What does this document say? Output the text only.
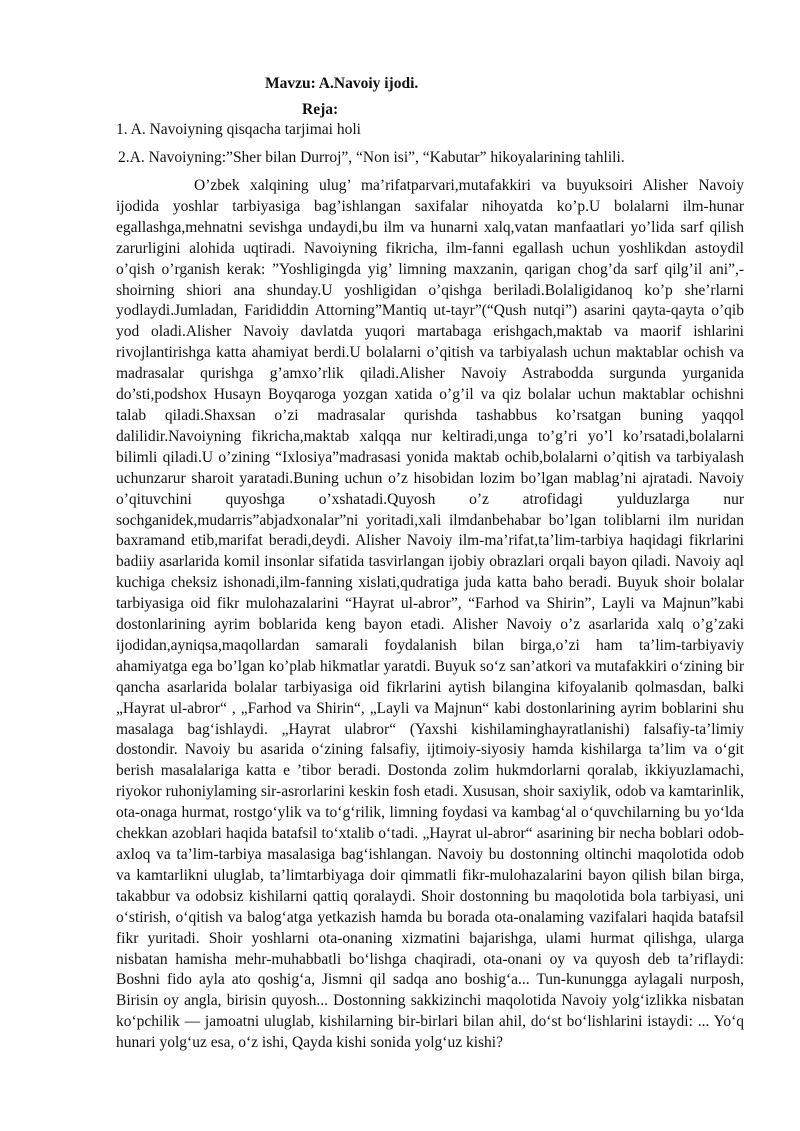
Mavzu: A.Navoiy ijodi.
Reja:
1. A. Navoiyning qisqacha tarjimai holi
2.A. Navoiyning:”Sher bilan Durroj”, “Non isi”, “Kabutar” hikoyalarining tahlili.

O’zbek xalqining ulug’ ma’rifatparvari,mutafakkiri va buyuksoiri Alisher Navoiy ijodida yoshlar tarbiyasiga bag’ishlangan saxifalar nihoyatda ko’p.U bolalarni ilm-hunar egallashga,mehnatni sevishga undaydi,bu ilm va hunarni xalq,vatan manfaatlari yo’lida sarf qilish zarurligini alohida uqtiradi. Navoiyning fikricha, ilm-fanni egallash uchun yoshlikdan astoydil o’qish o’rganish kerak: ”Yoshligingda yig’ limning maxzanin, qarigan chog’da sarf qilg’il ani”,-shoirning shiori ana shunday.U yoshligidan o’qishga beriladi.Bolaligidanoq ko’p she’rlarni yodlaydi.Jumladan, Farididdin Attorning”Mantiq ut-tayr”(“Qush nutqi”) asarini qayta-qayta o’qib yod oladi.Alisher Navoiy davlatda yuqori martabaga erishgach,maktab va maorif ishlarini rivojlantirishga katta ahamiyat berdi.U bolalarni o’qitish va tarbiyalash uchun maktablar ochish va madrasalar qurishga g’amxo’rlik qiladi.Alisher Navoiy Astrabodda surgunda yurganida do’sti,podshox Husayn Boyqaroga yozgan xatida o’g’il va qiz bolalar uchun maktablar ochishni talab qiladi.Shaxsan o’zi madrasalar qurishda tashabbus ko’rsatgan buning yaqqol dalilidir.Navoiyning fikricha,maktab xalqqa nur keltiradi,unga to’g’ri yo’l ko’rsatadi,bolalarni bilimli qiladi.U o’zining “Ixlosiya”madrasasi yonida maktab ochib,bolalarni o’qitish va tarbiyalash uchunzarur sharoit yaratadi.Buning uchun o’z hisobidan lozim bo’lgan mablag’ni ajratadi. Navoiy o’qituvchini quyoshga o’xshatadi.Quyosh o’z atrofidagi yulduzlarga nur sochganidek,mudarris”abjadxonalar”ni yoritadi,xali ilmdanbehabar bo’lgan toliblarni ilm nuridan baxramand etib,marifat beradi,deydi. Alisher Navoiy ilm-ma’rifat,ta’lim-tarbiya haqidagi fikrlarini badiiy asarlarida komil insonlar sifatida tasvirlangan ijobiy obrazlari orqali bayon qiladi. Navoiy aql kuchiga cheksiz ishonadi,ilm-fanning xislati,qudratiga juda katta baho beradi. Buyuk shoir bolalar tarbiyasiga oid fikr mulohazalarini “Hayrat ul-abror”, “Farhod va Shirin”, Layli va Majnun”kabi dostonlarining ayrim boblarida keng bayon etadi. Alisher Navoiy o’z asarlarida xalq o’g’zaki ijodidan,ayniqsa,maqollardan samarali foydalanish bilan birga,o’zi ham ta’lim-tarbiyaviy ahamiyatga ega bo’lgan ko’plab hikmatlar yaratdi. Buyuk so‘z san’atkori va mutafakkiri o‘zining bir qancha asarlarida bolalar tarbiyasiga oid fikrlarini aytish bilangina kifoyalanib qolmasdan, balki „Hayrat ul-abror“ , „Farhod va Shirin“, „Layli va Majnun“ kabi dostonlarining ayrim boblarini shu masalaga bag‘ishlaydi. „Hayrat ulabror“ (Yaxshi kishilaminghayratlanishi) falsafiy-ta’limiy dostondir. Navoiy bu asarida o‘zining falsafiy, ijtimoiy-siyosiy hamda kishilarga ta’lim va o‘git berish masalalariga katta e ’tibor beradi. Dostonda zolim hukmdorlarni qoralab, ikkiyuzlamachi, riyokor ruhoniylaming sir-asrorlarini keskin fosh etadi. Xususan, shoir saxiylik, odob va kamtarinlik, ota-onaga hurmat, rostgo‘ylik va to‘g‘rilik, limning foydasi va kambag‘al o‘quvchilarning bu yo‘lda chekkan azoblari haqida batafsil to‘xtalib o‘tadi. „Hayrat ul-abror“ asarining bir necha boblari odob-axloq va ta’lim-tarbiya masalasiga bag‘ishlangan. Navoiy bu dostonning oltinchi maqolotida odob va kamtarlikni uluglab, ta’limtarbiyaga doir qimmatli fikr-mulohazalarini bayon qilish bilan birga, takabbur va odobsiz kishilarni qattiq qoralaydi. Shoir dostonning bu maqolotida bola tarbiyasi, uni o‘stirish, o‘qitish va balog‘atga yetkazish hamda bu borada ota-onalaming vazifalari haqida batafsil fikr yuritadi. Shoir yoshlarni ota-onaning xizmatini bajarishga, ulami hurmat qilishga, ularga nisbatan hamisha mehr-muhabbatli bo‘lishga chaqiradi, ota-onani oy va quyosh deb ta’riflaydi: Boshni fido ayla ato qoshig‘a, Jismni qil sadqa ano boshig‘a... Tun-kunungga aylagali nurposh, Birisin oy angla, birisin quyosh... Dostonning sakkizinchi maqolotida Navoiy yolg‘izlikka nisbatan ko‘pchilik — jamoatni uluglab, kishilarning bir-birlari bilan ahil, do‘st bo‘lishlarini istaydi: ... Yo‘q hunari yolg‘uz esa, o‘z ishi, Qayda kishi sonida yolg‘uz kishi?
